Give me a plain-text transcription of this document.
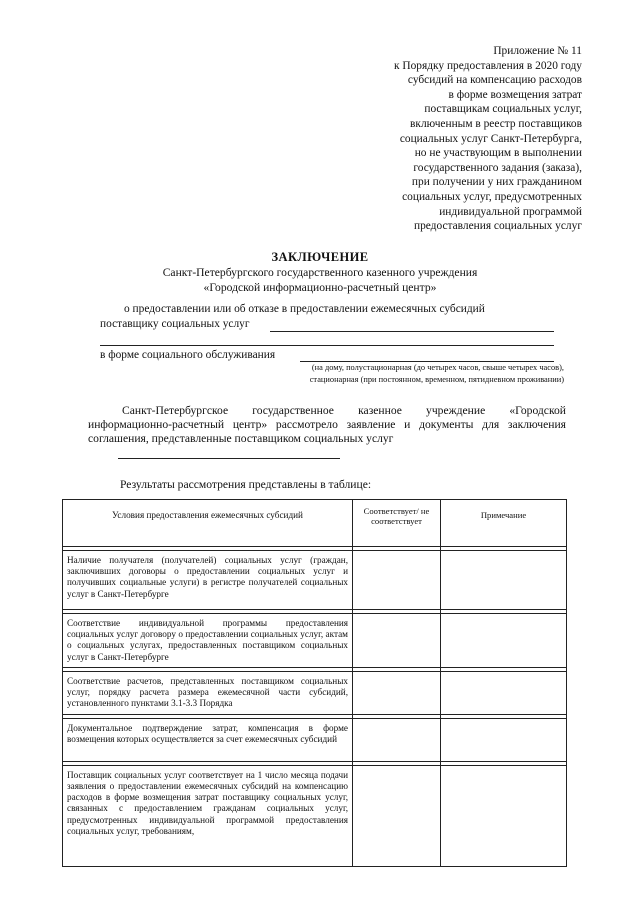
Приложение № 11
к Порядку предоставления в 2020 году
субсидий на компенсацию расходов
в форме возмещения затрат
поставщикам социальных услуг,
включенным в реестр поставщиков
социальных услуг Санкт-Петербурга,
но не участвующим в выполнении
государственного задания (заказа),
при получении у них гражданином
социальных услуг, предусмотренных
индивидуальной программой
предоставления социальных услуг
ЗАКЛЮЧЕНИЕ
Санкт-Петербургского государственного казенного учреждения
«Городской информационно-расчетный центр»
о предоставлении или об отказе в предоставлении ежемесячных субсидий
поставщику социальных услуг
в форме социального обслуживания
(на дому, полустационарная (до четырех часов, свыше четырех часов),
стационарная (при постоянном, временном, пятидневном проживании)
Санкт-Петербургское государственное казенное учреждение «Городской информационно-расчетный центр» рассмотрело заявление и документы для заключения соглашения, представленные поставщиком социальных услуг
Результаты рассмотрения представлены в таблице:
Условия предоставления ежемесячных субсидий	Соответствует/ не соответствует	Примечание

Наличие получателя (получателей) социальных услуг (граждан, заключивших договоры о предоставлении социальных услуг и получивших социальные услуги) в регистре получателей социальных услуг в Санкт-Петербурге		

Соответствие индивидуальной программы предоставления социальных услуг договору о предоставлении социальных услуг, актам о социальных услугах, предоставленных поставщиком социальных услуг в Санкт-Петербурге		

Соответствие расчетов, представленных поставщиком социальных услуг, порядку расчета размера ежемесячной части субсидий, установленного пунктами 3.1-3.3 Порядка		

Документальное подтверждение затрат, компенсация в форме возмещения которых осуществляется за счет ежемесячных субсидий		

Поставщик социальных услуг соответствует на 1 число месяца подачи заявления о предоставлении ежемесячных субсидий на компенсацию расходов в форме возмещения затрат поставщику социальных услуг, связанных с предоставлением гражданам социальных услуг, предусмотренных индивидуальной программой предоставления социальных услуг, требованиям,		
